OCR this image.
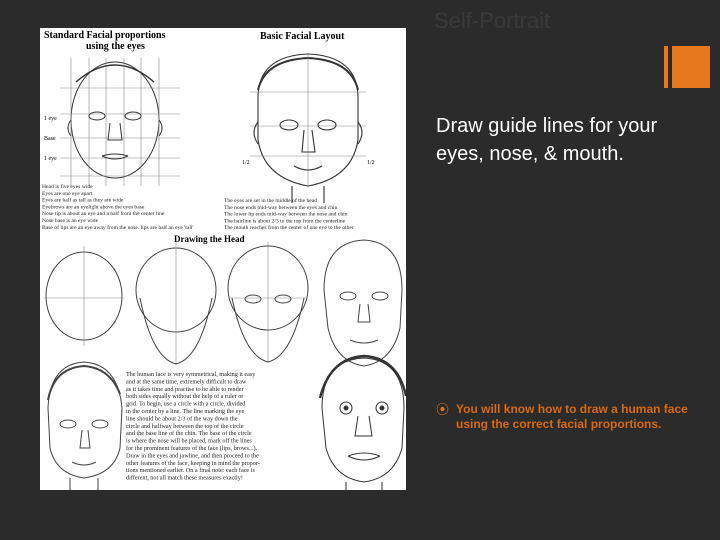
Self-Portrait
Standard Facial proportions using the eyes
Basic Facial Layout
1 eye
Base
1 eye
1/2	1/2
Head is five eyes wide
Eyes are one eye apart
Eyes are half as tall as they are wide
Eyebrows are an eyelight above the eyes base
Nose tip is about an eye and a half from the center line
Nose base is an eye wide
Base of lips are an eye away from the nose. lips are half an eye 'tall'
The eyes are set in the middle of the head
The nose ends mid-way between the eyes and chin
The lower lip ends mid-way between the nose and chin
The hairline is about 2/3 to the top from the centerline
The mouth reaches from the center of one eye to the other
Drawing the Head
The human face is very symmetrical, making it easy
and at the same time, extremely difficult to draw
as it takes time and practise to be able to render
both sides equally without the help of a ruler or
grid. To begin, use a circle with a circle, divided
in the center by a line. The line marking the eye
line should be about 2/3 of the way down the
circle and halfway between the top of the circle
and the base line of the chin. The base of the circle
is where the nose will be placed, mark off the lines
for the prominent features of the face (lips, brows...).
Draw in the eyes and jawline, and then proceed to the
other features of the face, keeping in mind the propor-
tions mentioned earlier. On a final note: each face is
different, not all match these measures exactly!
Draw guide lines for your eyes, nose, & mouth.
⦿ You will know how to draw a human face using the correct facial proportions.
